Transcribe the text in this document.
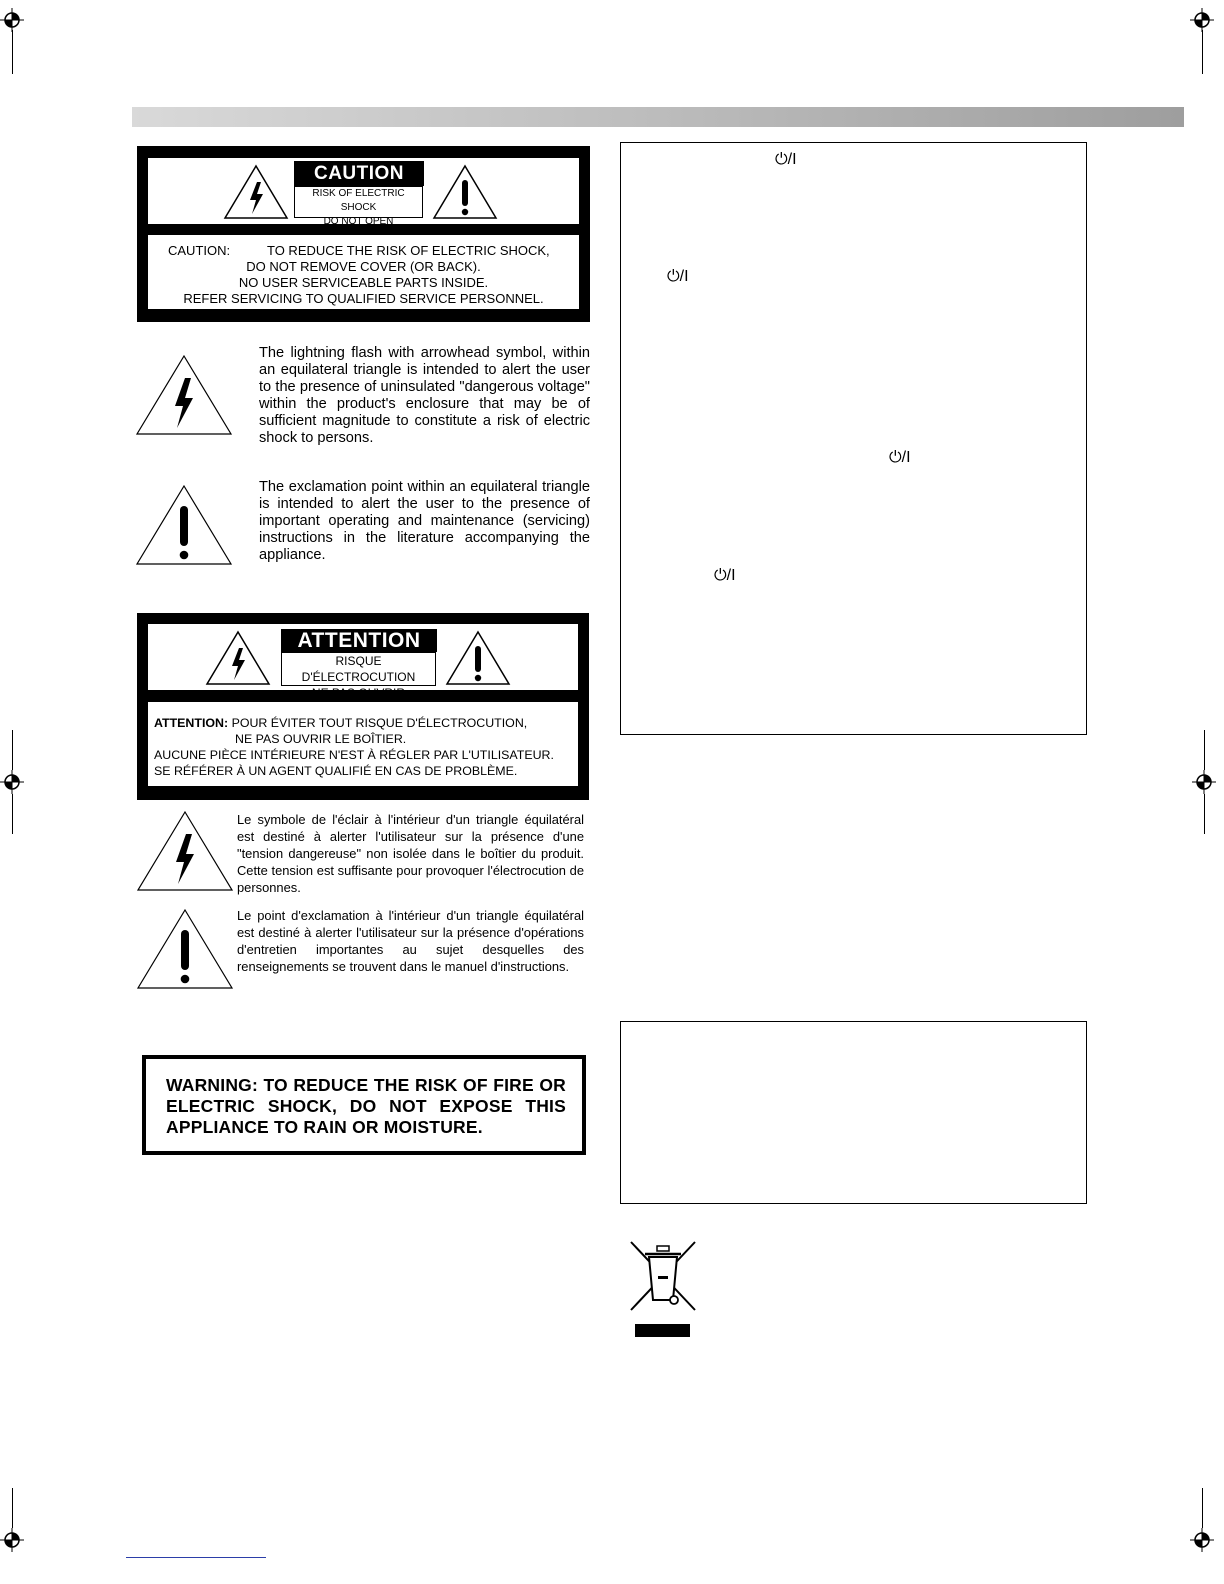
CAUTION
RISK OF ELECTRIC SHOCK
DO NOT OPEN
CAUTION:	TO REDUCE THE RISK OF ELECTRIC SHOCK,
DO NOT REMOVE COVER (OR BACK).
NO USER SERVICEABLE PARTS INSIDE.
REFER SERVICING TO QUALIFIED SERVICE PERSONNEL.

The lightning flash with arrowhead symbol, within an equilateral triangle is intended to alert the user to the presence of uninsulated "dangerous voltage" within the product's enclosure that may be of sufficient magnitude to constitute a risk of electric shock to persons.

The exclamation point within an equilateral triangle is intended to alert the user to the presence of important operating and maintenance (servicing) instructions in the literature accompanying the appliance.

ATTENTION
RISQUE D'ÉLECTROCUTION
NE PAS OUVRIR
ATTENTION: POUR ÉVITER TOUT RISQUE D'ÉLECTROCUTION,
NE PAS OUVRIR LE BOÎTIER.
AUCUNE PIÈCE INTÉRIEURE N'EST À RÉGLER PAR L'UTILISATEUR.
SE RÉFÉRER À UN AGENT QUALIFIÉ EN CAS DE PROBLÈME.

Le symbole de l'éclair à l'intérieur d'un triangle équilatéral est destiné à alerter l'utilisateur sur la présence d'une "tension dangereuse" non isolée dans le boîtier du produit. Cette tension est suffisante pour provoquer l'électrocution de personnes.

Le point d'exclamation à l'intérieur d'un triangle équilatéral est destiné à alerter l'utilisateur sur la présence d'opérations d'entretien importantes au sujet desquelles des renseignements se trouvent dans le manuel d'instructions.

WARNING: TO REDUCE THE RISK OF FIRE OR ELECTRIC SHOCK, DO NOT EXPOSE THIS APPLIANCE TO RAIN OR MOISTURE.
⏻/I
⏻/I
⏻/I
⏻/I
